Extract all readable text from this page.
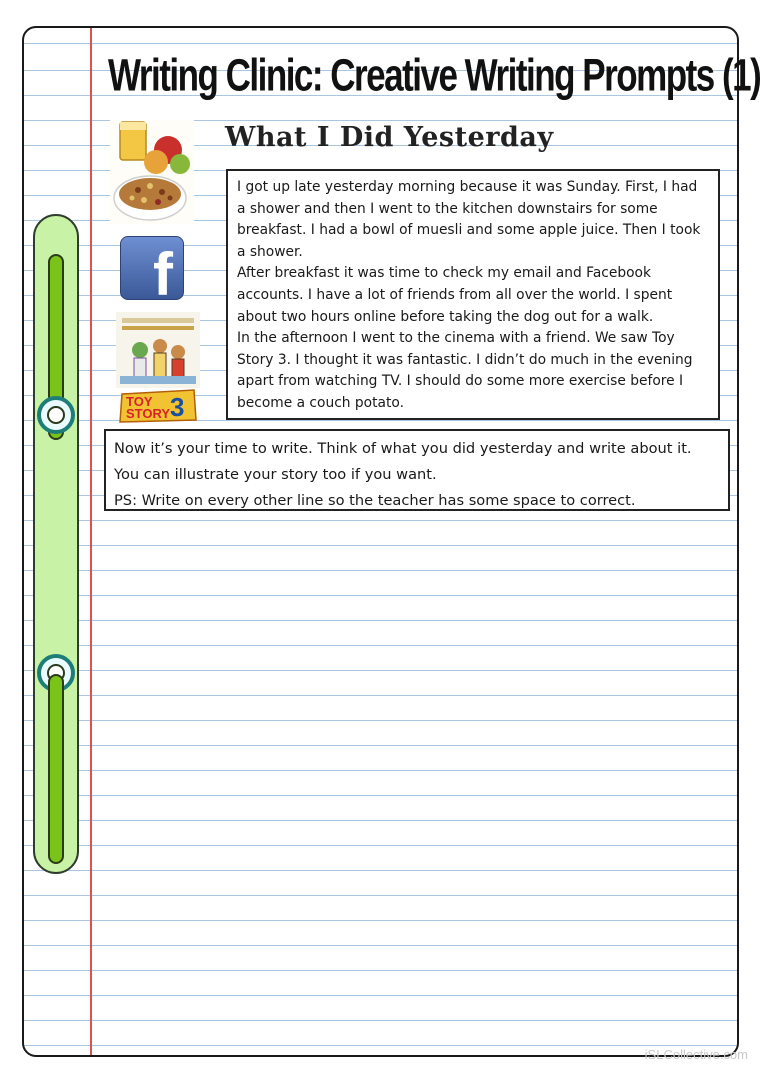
Writing Clinic: Creative Writing Prompts (1)
What I Did Yesterday
f
TOY
STORY 3

I got up late yesterday morning because it was Sunday. First, I had a shower and then I went to the kitchen downstairs for some breakfast. I had a bowl of muesli and some apple juice. Then I took a shower.

After breakfast it was time to check my email and Facebook accounts. I have a lot of friends from all over the world. I spent about two hours online before taking the dog out for a walk.

In the afternoon I went to the cinema with a friend. We saw Toy Story 3. I thought it was fantastic. I didn’t do much in the evening apart from watching TV. I should do some more exercise before I become a couch potato.

Now it’s your time to write. Think of what you did yesterday and write about it. You can illustrate your story too if you want.

PS: Write on every other line so the teacher has some space to correct.

iSLCollective.com
